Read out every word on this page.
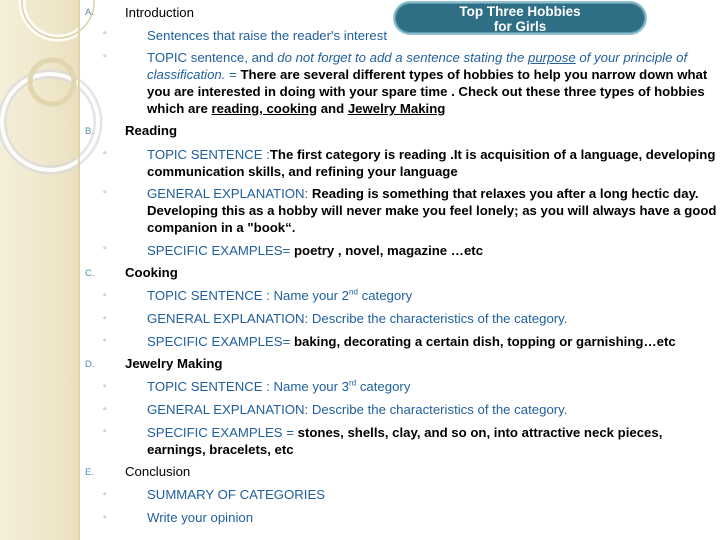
Top Three Hobbies
for Girls
A. Introduction
◦	Sentences that raise the reader's interest
◦	TOPIC sentence, and do not forget to add a sentence stating the purpose of your principle of classification. = There are several different types of hobbies to help you narrow down what you are interested in doing with your spare time . Check out these three types of hobbies which are reading, cooking and Jewelry Making
B. Reading
◦	TOPIC SENTENCE :The first category is reading .It is acquisition of a language, developing communication skills, and refining your language
◦	GENERAL EXPLANATION: Reading is something that relaxes you after a long hectic day. Developing this as a hobby will never make you feel lonely; as you will always have a good companion in a "book“.
◦	SPECIFIC EXAMPLES= poetry , novel, magazine …etc
C. Cooking
◦	TOPIC SENTENCE : Name your 2nd category
◦	GENERAL EXPLANATION: Describe the characteristics of the category.
◦	SPECIFIC EXAMPLES= baking, decorating a certain dish, topping or garnishing…etc
D. Jewelry Making
◦	TOPIC SENTENCE : Name your 3rd category
◦	GENERAL EXPLANATION: Describe the characteristics of the category.
◦	SPECIFIC EXAMPLES = stones, shells, clay, and so on, into attractive neck pieces, earnings, bracelets, etc
E. Conclusion
◦	SUMMARY OF CATEGORIES
◦	Write your opinion
